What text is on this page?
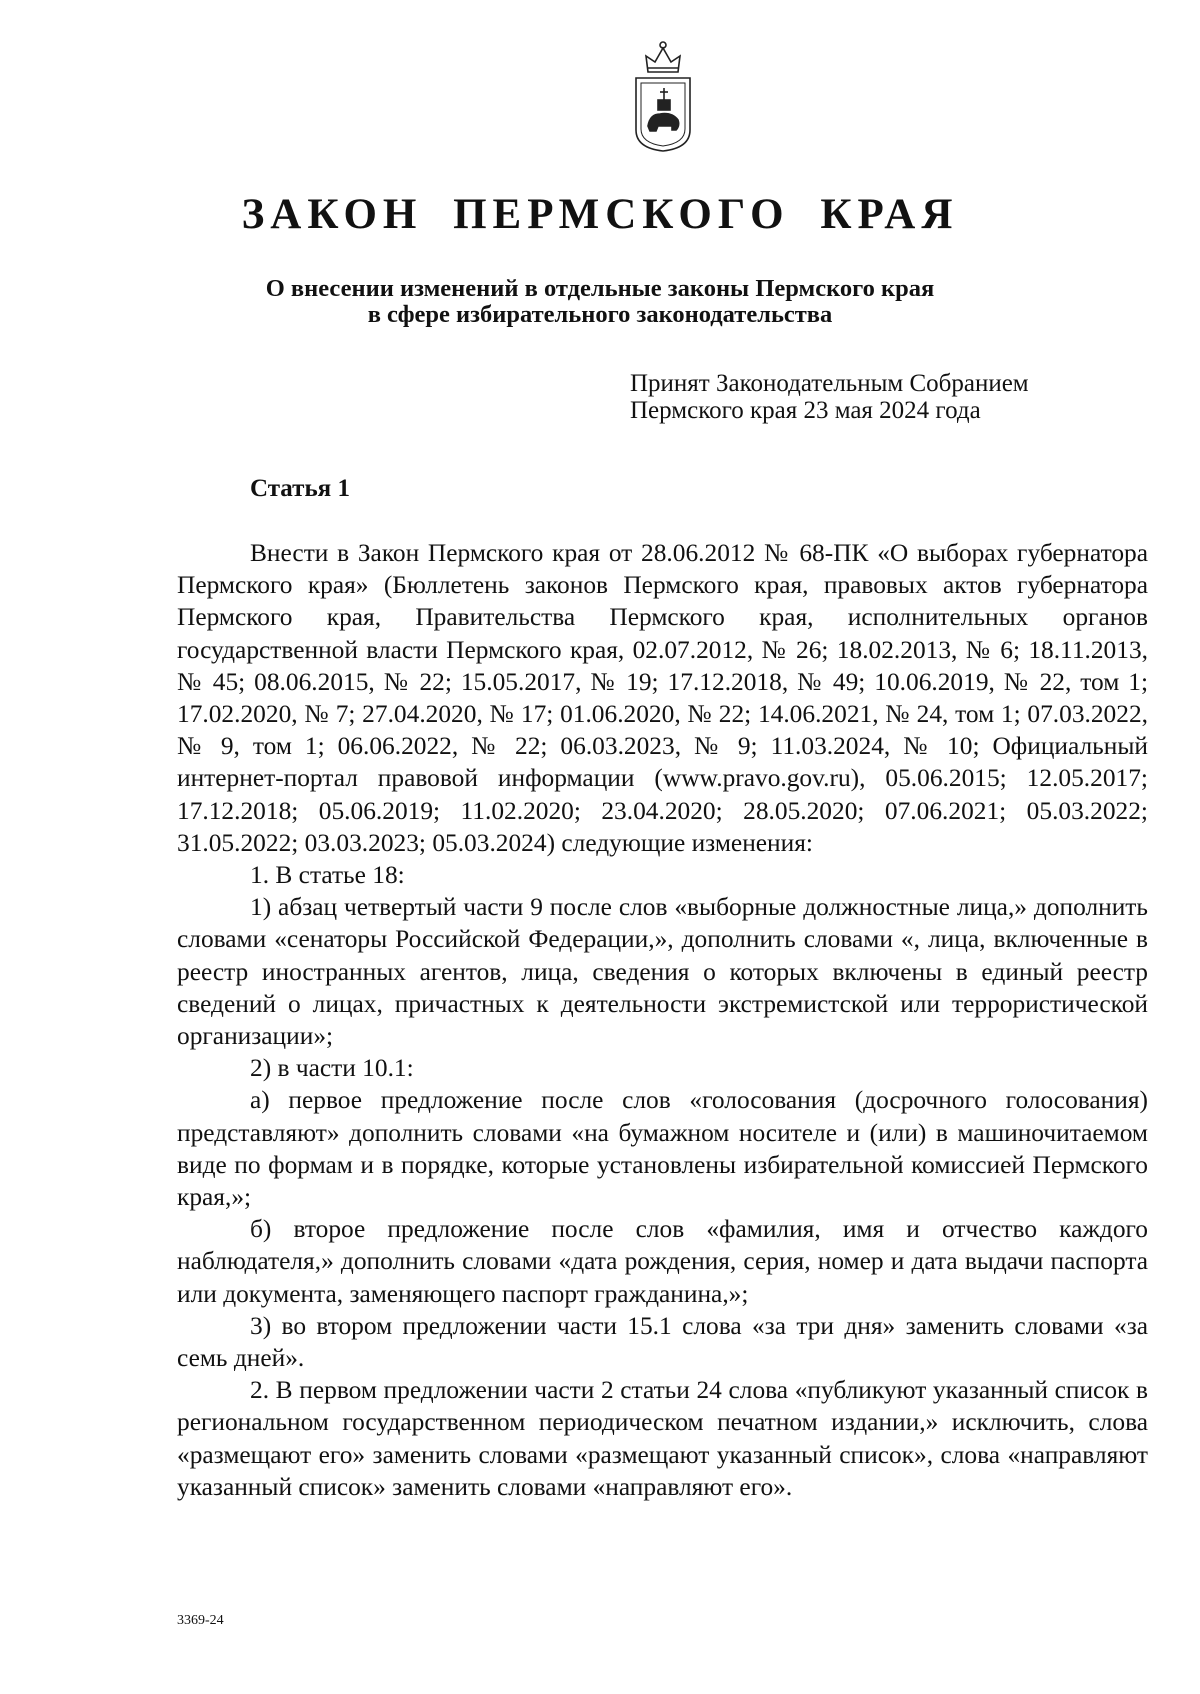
ЗАКОН ПЕРМСКОГО КРАЯ
О внесении изменений в отдельные законы Пермского края
в сфере избирательного законодательства
Принят Законодательным Собранием
Пермского края 23 мая 2024 года
Статья 1

Внести в Закон Пермского края от 28.06.2012 № 68-ПК «О выборах губернатора Пермского края» (Бюллетень законов Пермского края, правовых актов губернатора Пермского края, Правительства Пермского края, исполнительных органов государственной власти Пермского края, 02.07.2012, № 26; 18.02.2013, № 6; 18.11.2013, № 45; 08.06.2015, № 22; 15.05.2017, № 19; 17.12.2018, № 49; 10.06.2019, № 22, том 1; 17.02.2020, № 7; 27.04.2020, № 17; 01.06.2020, № 22; 14.06.2021, № 24, том 1; 07.03.2022, № 9, том 1; 06.06.2022, № 22; 06.03.2023, № 9; 11.03.2024, № 10; Официальный интернет-портал правовой информации (www.pravo.gov.ru), 05.06.2015; 12.05.2017; 17.12.2018; 05.06.2019; 11.02.2020; 23.04.2020; 28.05.2020; 07.06.2021; 05.03.2022; 31.05.2022; 03.03.2023; 05.03.2024) следующие изменения:

1. В статье 18:

1) абзац четвертый части 9 после слов «выборные должностные лица,» дополнить словами «сенаторы Российской Федерации,», дополнить словами «, лица, включенные в реестр иностранных агентов, лица, сведения о которых включены в единый реестр сведений о лицах, причастных к деятельности экстремистской или террористической организации»;

2) в части 10.1:

а) первое предложение после слов «голосования (досрочного голосования) представляют» дополнить словами «на бумажном носителе и (или) в машиночитаемом виде по формам и в порядке, которые установлены избирательной комиссией Пермского края,»;

б) второе предложение после слов «фамилия, имя и отчество каждого наблюдателя,» дополнить словами «дата рождения, серия, номер и дата выдачи паспорта или документа, заменяющего паспорт гражданина,»;

3) во втором предложении части 15.1 слова «за три дня» заменить словами «за семь дней».

2. В первом предложении части 2 статьи 24 слова «публикуют указанный список в региональном государственном периодическом печатном издании,» исключить, слова «размещают его» заменить словами «размещают указанный список», слова «направляют указанный список» заменить словами «направляют его».

3369-24
